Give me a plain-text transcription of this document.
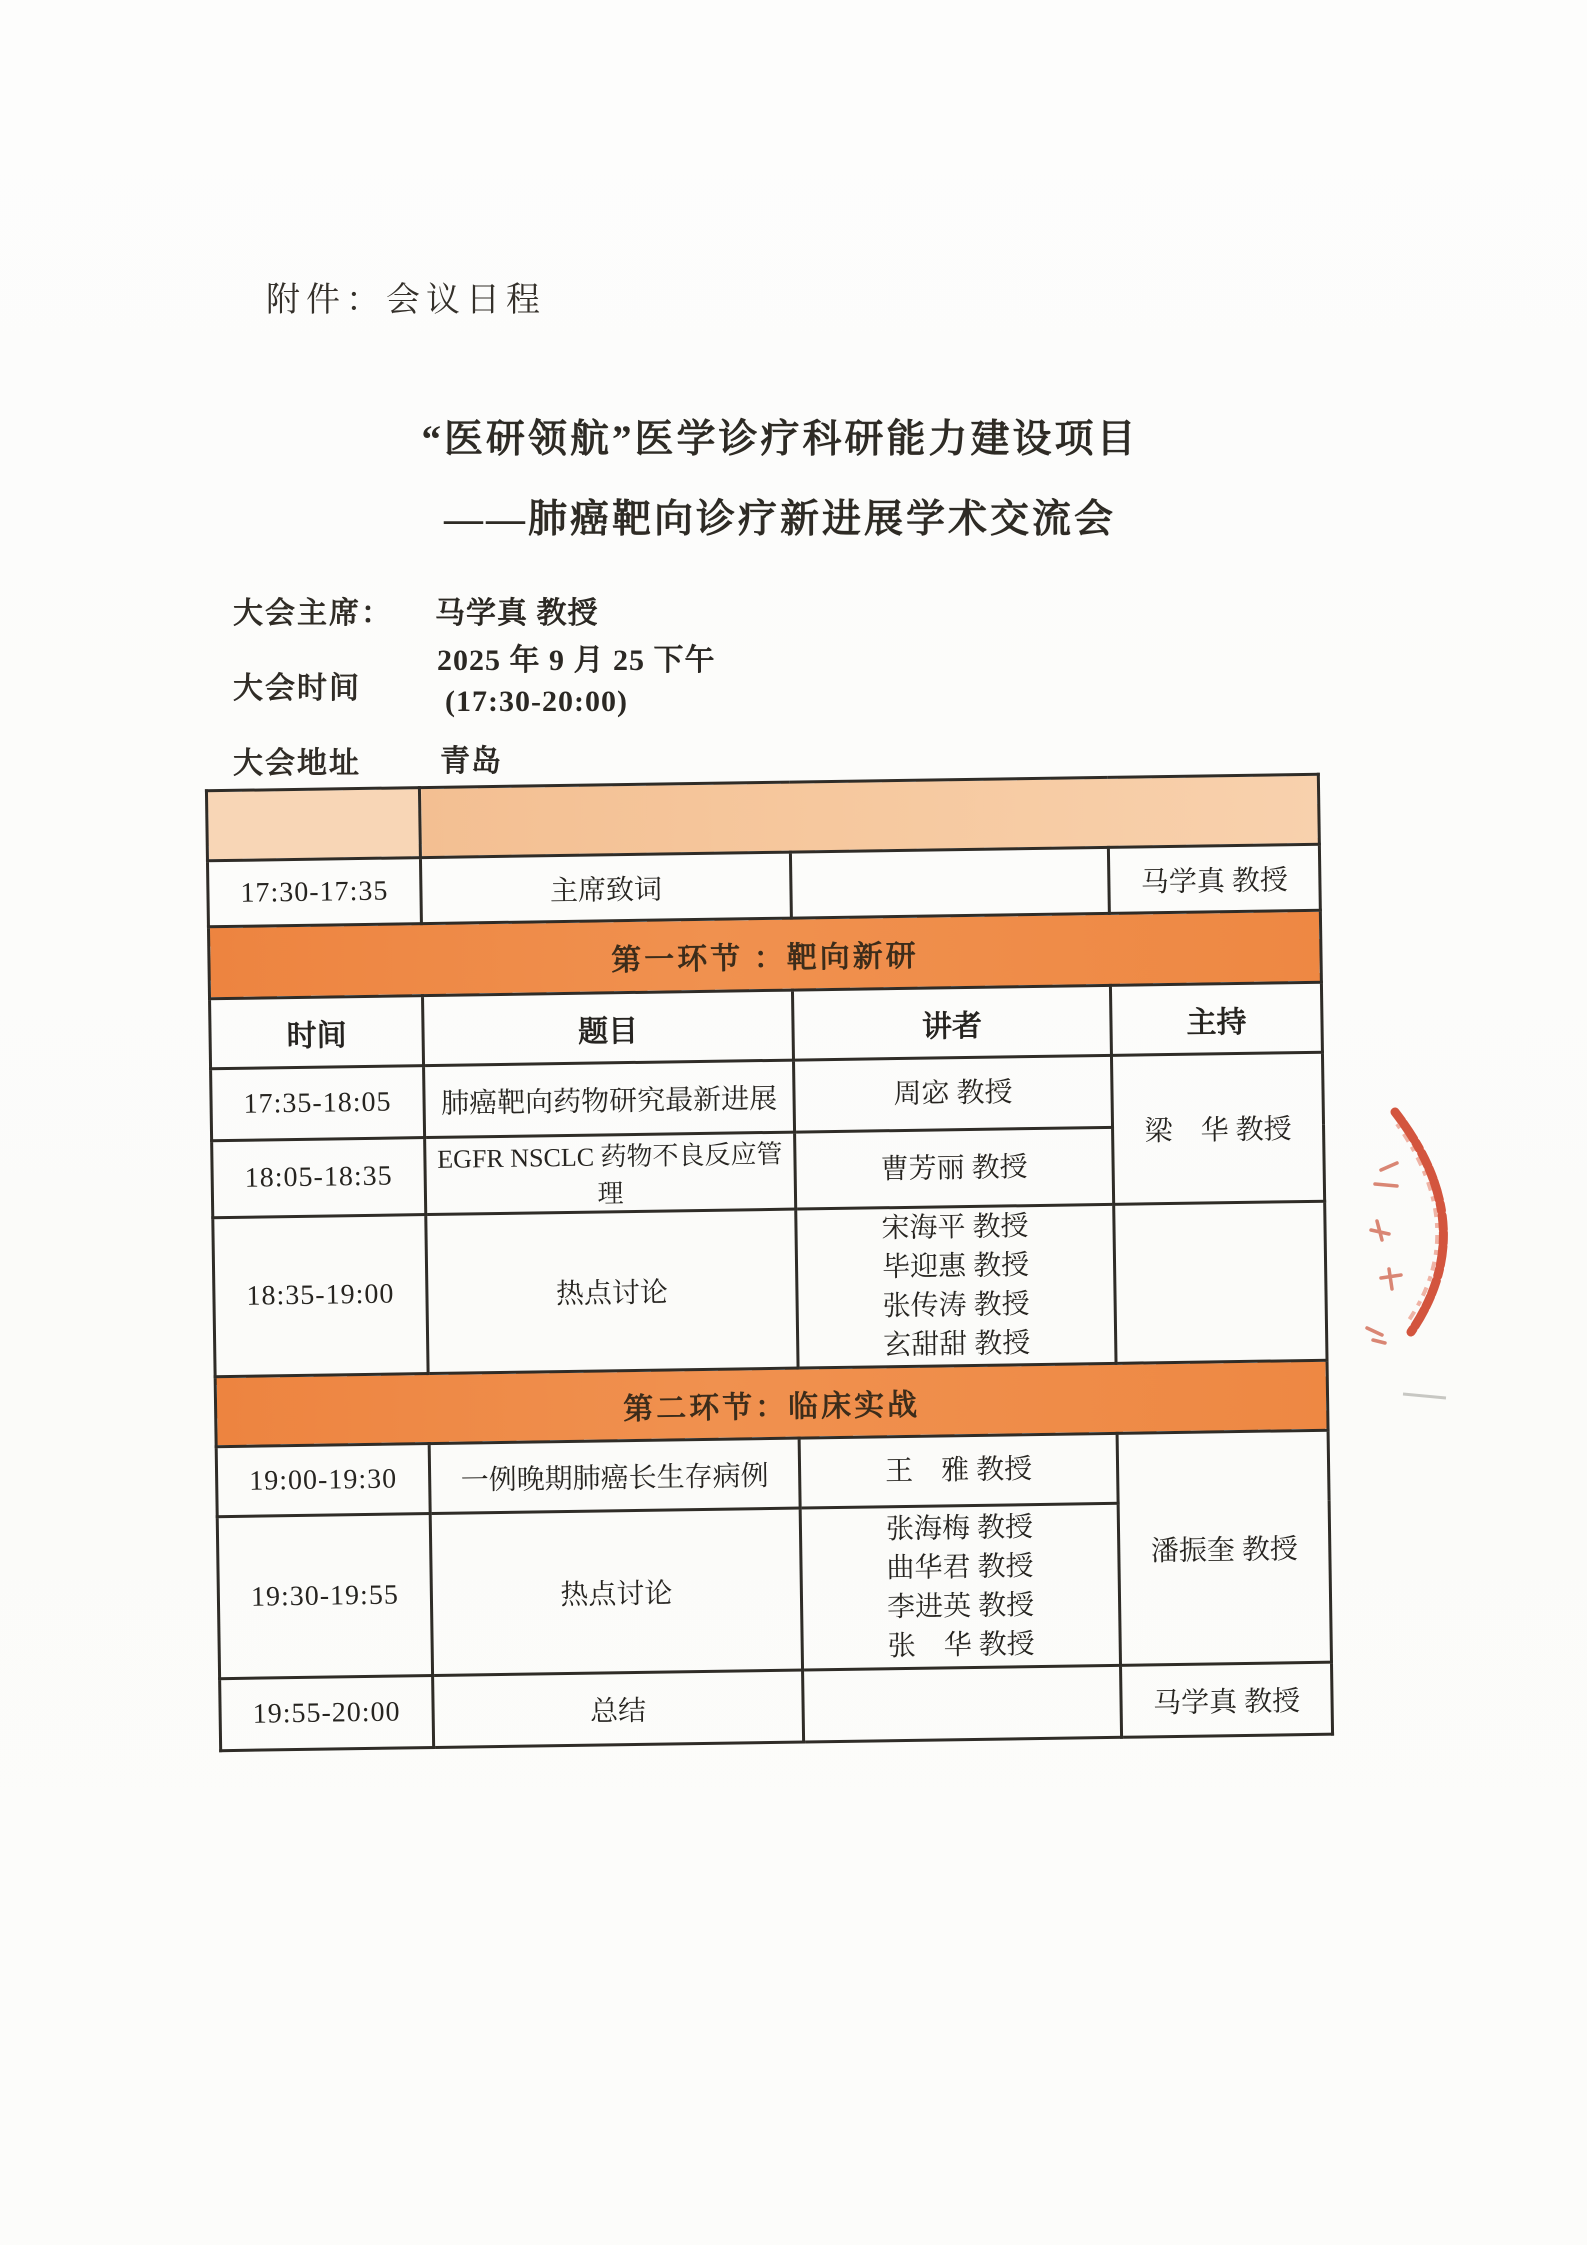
附件：会议日程
“医研领航”医学诊疗科研能力建设项目
——肺癌靶向诊疗新进展学术交流会
大会主席： 马学真 教授
大会时间
2025 年 9 月 25 下午
(17:30-20:00)
大会地址	青岛

17:30-17:35	主席致词		马学真 教授
第一环节 ：靶向新研			
时间	题目	讲者	主持
17:35-18:05	肺癌靶向药物研究最新进展	周宓 教授	梁　华 教授
18:05-18:35	EGFR NSCLC 药物不良反应管理	曹芳丽 教授	
18:35-19:00	热点讨论	宋海平 教授
毕迎惠 教授
张传涛 教授
玄甜甜 教授	

第二环节：临床实战			
19:00-19:30	一例晚期肺癌长生存病例	王　雅 教授	潘振奎 教授
19:30-19:55	热点讨论	张海梅 教授
曲华君 教授
李进英 教授
张　华 教授	

19:55-20:00	总结		马学真 教授
